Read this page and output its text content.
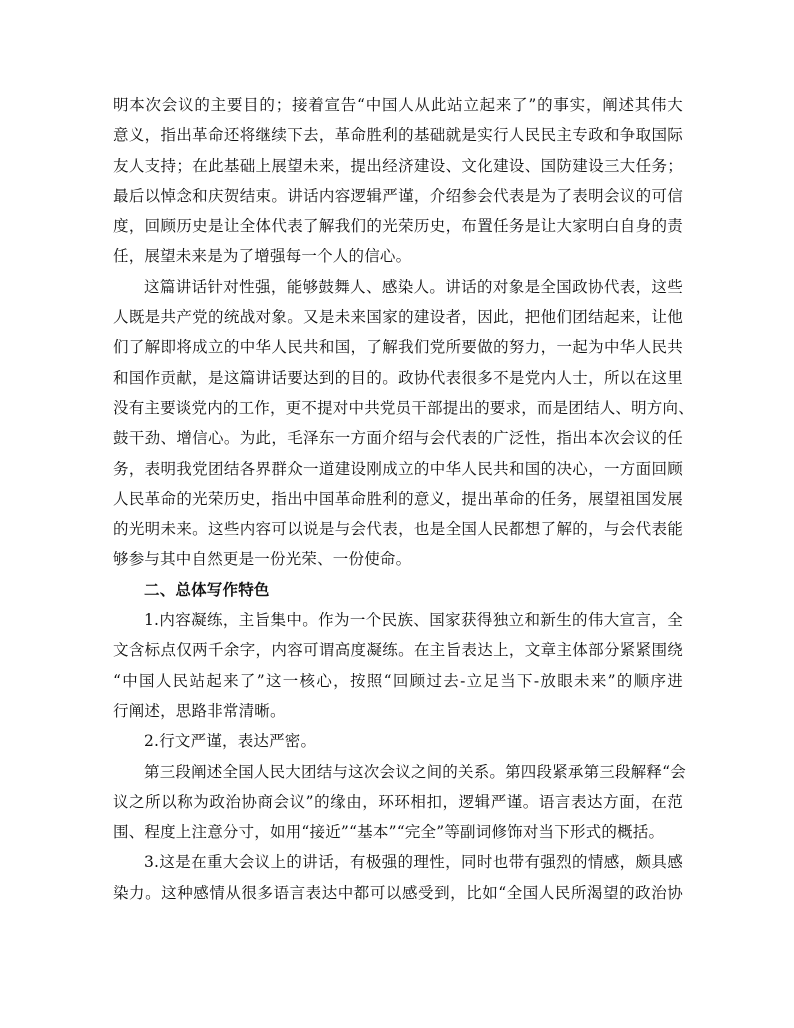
明本次会议的主要目的；接着宣告“中国人从此站立起来了”的事实，阐述其伟大
意义，指出革命还将继续下去，革命胜利的基础就是实行人民民主专政和争取国际
友人支持；在此基础上展望未来，提出经济建设、文化建设、国防建设三大任务；
最后以悼念和庆贺结束。讲话内容逻辑严谨，介绍参会代表是为了表明会议的可信
度，回顾历史是让全体代表了解我们的光荣历史，布置任务是让大家明白自身的责
任，展望未来是为了增强每一个人的信心。
这篇讲话针对性强，能够鼓舞人、感染人。讲话的对象是全国政协代表，这些
人既是共产党的统战对象。又是未来国家的建设者，因此，把他们团结起来，让他
们了解即将成立的中华人民共和国，了解我们党所要做的努力，一起为中华人民共
和国作贡献，是这篇讲话要达到的目的。政协代表很多不是党内人士，所以在这里
没有主要谈党内的工作，更不提对中共党员干部提出的要求，而是团结人、明方向、
鼓干劲、增信心。为此，毛泽东一方面介绍与会代表的广泛性，指出本次会议的任
务，表明我党团结各界群众一道建设刚成立的中华人民共和国的决心，一方面回顾
人民革命的光荣历史，指出中国革命胜利的意义，提出革命的任务，展望祖国发展
的光明未来。这些内容可以说是与会代表，也是全国人民都想了解的，与会代表能
够参与其中自然更是一份光荣、一份使命。
二、总体写作特色
1.内容凝练，主旨集中。作为一个民族、国家获得独立和新生的伟大宣言，全
文含标点仅两千余字，内容可谓高度凝练。在主旨表达上，文章主体部分紧紧围绕
“中国人民站起来了”这一核心，按照“回顾过去-立足当下-放眼未来”的顺序进
行阐述，思路非常清晰。
2.行文严谨，表达严密。
第三段阐述全国人民大团结与这次会议之间的关系。第四段紧承第三段解释“会
议之所以称为政治协商会议”的缘由，环环相扣，逻辑严谨。语言表达方面，在范
围、程度上注意分寸，如用“接近”“基本”“完全”等副词修饰对当下形式的概括。
3.这是在重大会议上的讲话，有极强的理性，同时也带有强烈的情感，颇具感
染力。这种感情从很多语言表达中都可以感受到，比如“全国人民所渴望的政治协
